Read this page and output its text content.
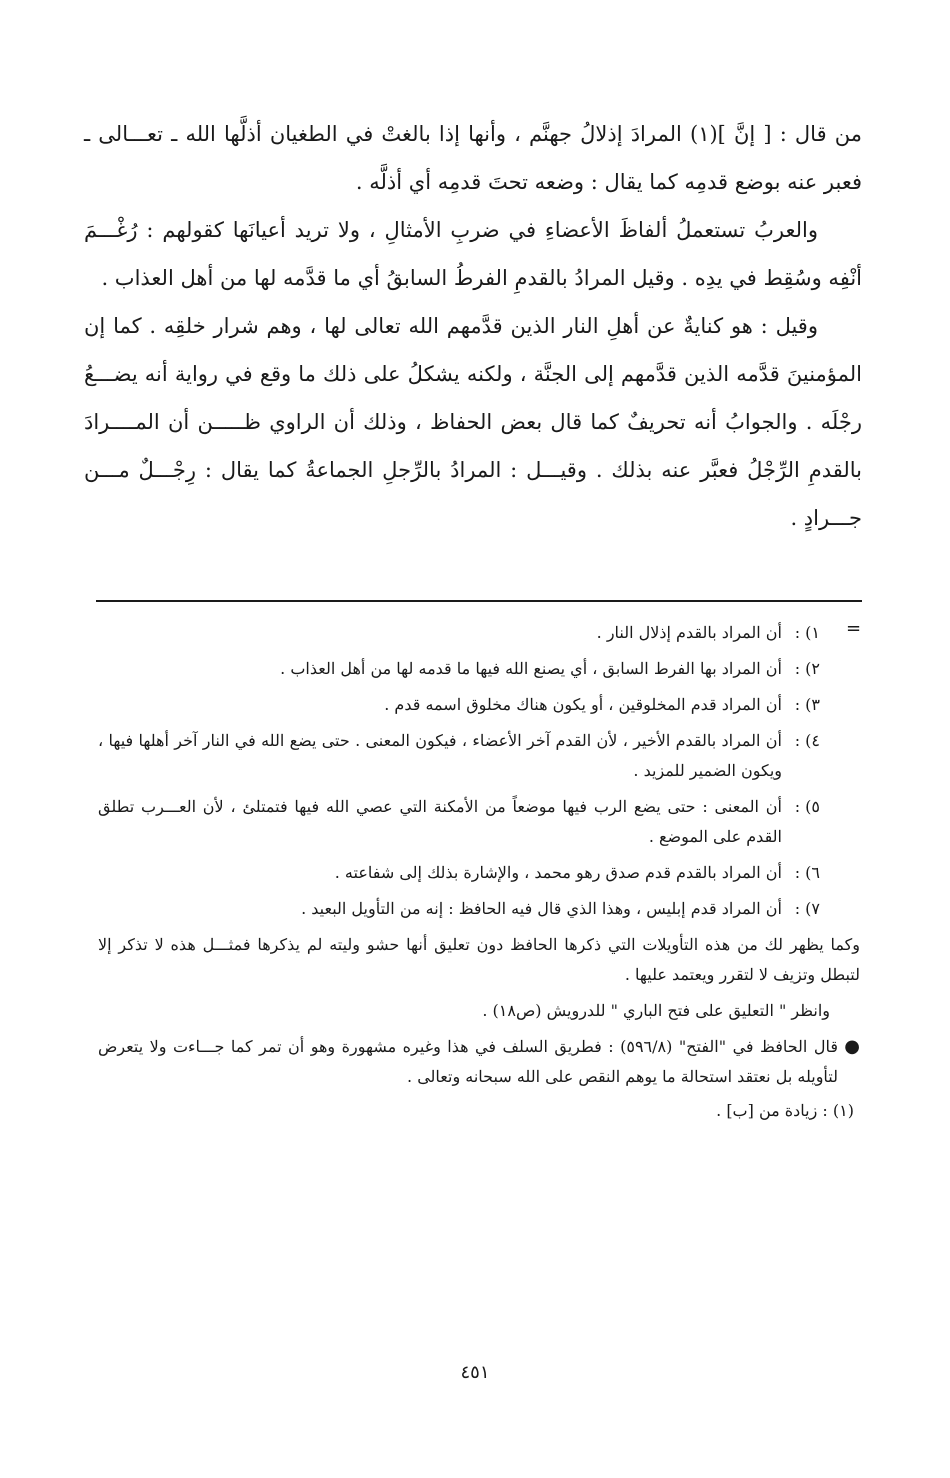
من قال : [ إنَّ ](١) المرادَ إذلالُ جهنَّم ، وأنها إذا بالغتْ في الطغيان أذلَّها الله ـ تعـــالى ـ فعبر عنه بوضع قدمِه كما يقال : وضعه تحتَ قدمِه أي أذلَّه .

والعربُ تستعملُ ألفاظَ الأعضاءِ في ضربِ الأمثالِ ، ولا تريد أعيانَها كقولهم : رُغْـــمَ أنْفِه وسُقِط في يدِه . وقيل المرادُ بالقدمِ الفرطُ السابقُ أي ما قدَّمه لها من أهل العذاب .

وقيل : هو كنايةٌ عن أهلِ النار الذين قدَّمهم الله تعالى لها ، وهم شرار خلقِه . كما إن المؤمنينَ قدَّمه الذين قدَّمهم إلى الجنَّة ، ولكنه يشكلُ على ذلك ما وقع في رواية أنه يضـــعُ رجْلَه . والجوابُ أنه تحريفٌ كما قال بعض الحفاظ ، وذلك أن الراوي ظـــــن أن المــــرادَ بالقدمِ الرِّجْلُ فعبَّر عنه بذلك . وقيـــل : المرادُ بالرِّجلِ الجماعةُ كما يقال : رِجْـــلٌ مـــن جـــرادٍ .

=
١) :
أن المراد بالقدم إذلال النار .
٢) :
أن المراد بها الفرط السابق ، أي يصنع الله فيها ما قدمه لها من أهل العذاب .
٣) :
أن المراد قدم المخلوقين ، أو يكون هناك مخلوق اسمه قدم .
٤) :
أن المراد بالقدم الأخير ، لأن القدم آخر الأعضاء ، فيكون المعنى . حتى يضع الله في النار آخر أهلها فيها ، ويكون الضمير للمزيد .
٥) :
أن المعنى : حتى يضع الرب فيها موضعاً من الأمكنة التي عصي الله فيها فتمتلئ ، لأن العـــرب تطلق القدم على الموضع .
٦) :
أن المراد بالقدم قدم صدق رهو محمد ، والإشارة بذلك إلى شفاعته .
٧) :
أن المراد قدم إبليس ، وهذا الذي قال فيه الحافظ : إنه من التأويل البعيد .

وكما يظهر لك من هذه التأويلات التي ذكرها الحافظ دون تعليق أنها حشو وليته لم يذكرها فمثـــل هذه لا تذكر إلا لتبطل وتزيف لا لتقرر ويعتمد عليها .

وانظر " التعليق على فتح الباري " للدرويش (ص١٨) .

●
قال الحافظ في "الفتح" (٥٩٦/٨) : فطريق السلف في هذا وغيره مشهورة وهو أن تمر كما جـــاءت ولا يتعرض لتأويله بل نعتقد استحالة ما يوهم النقص على الله سبحانه وتعالى .

(١) : زيادة من [ب] .

٤٥١
